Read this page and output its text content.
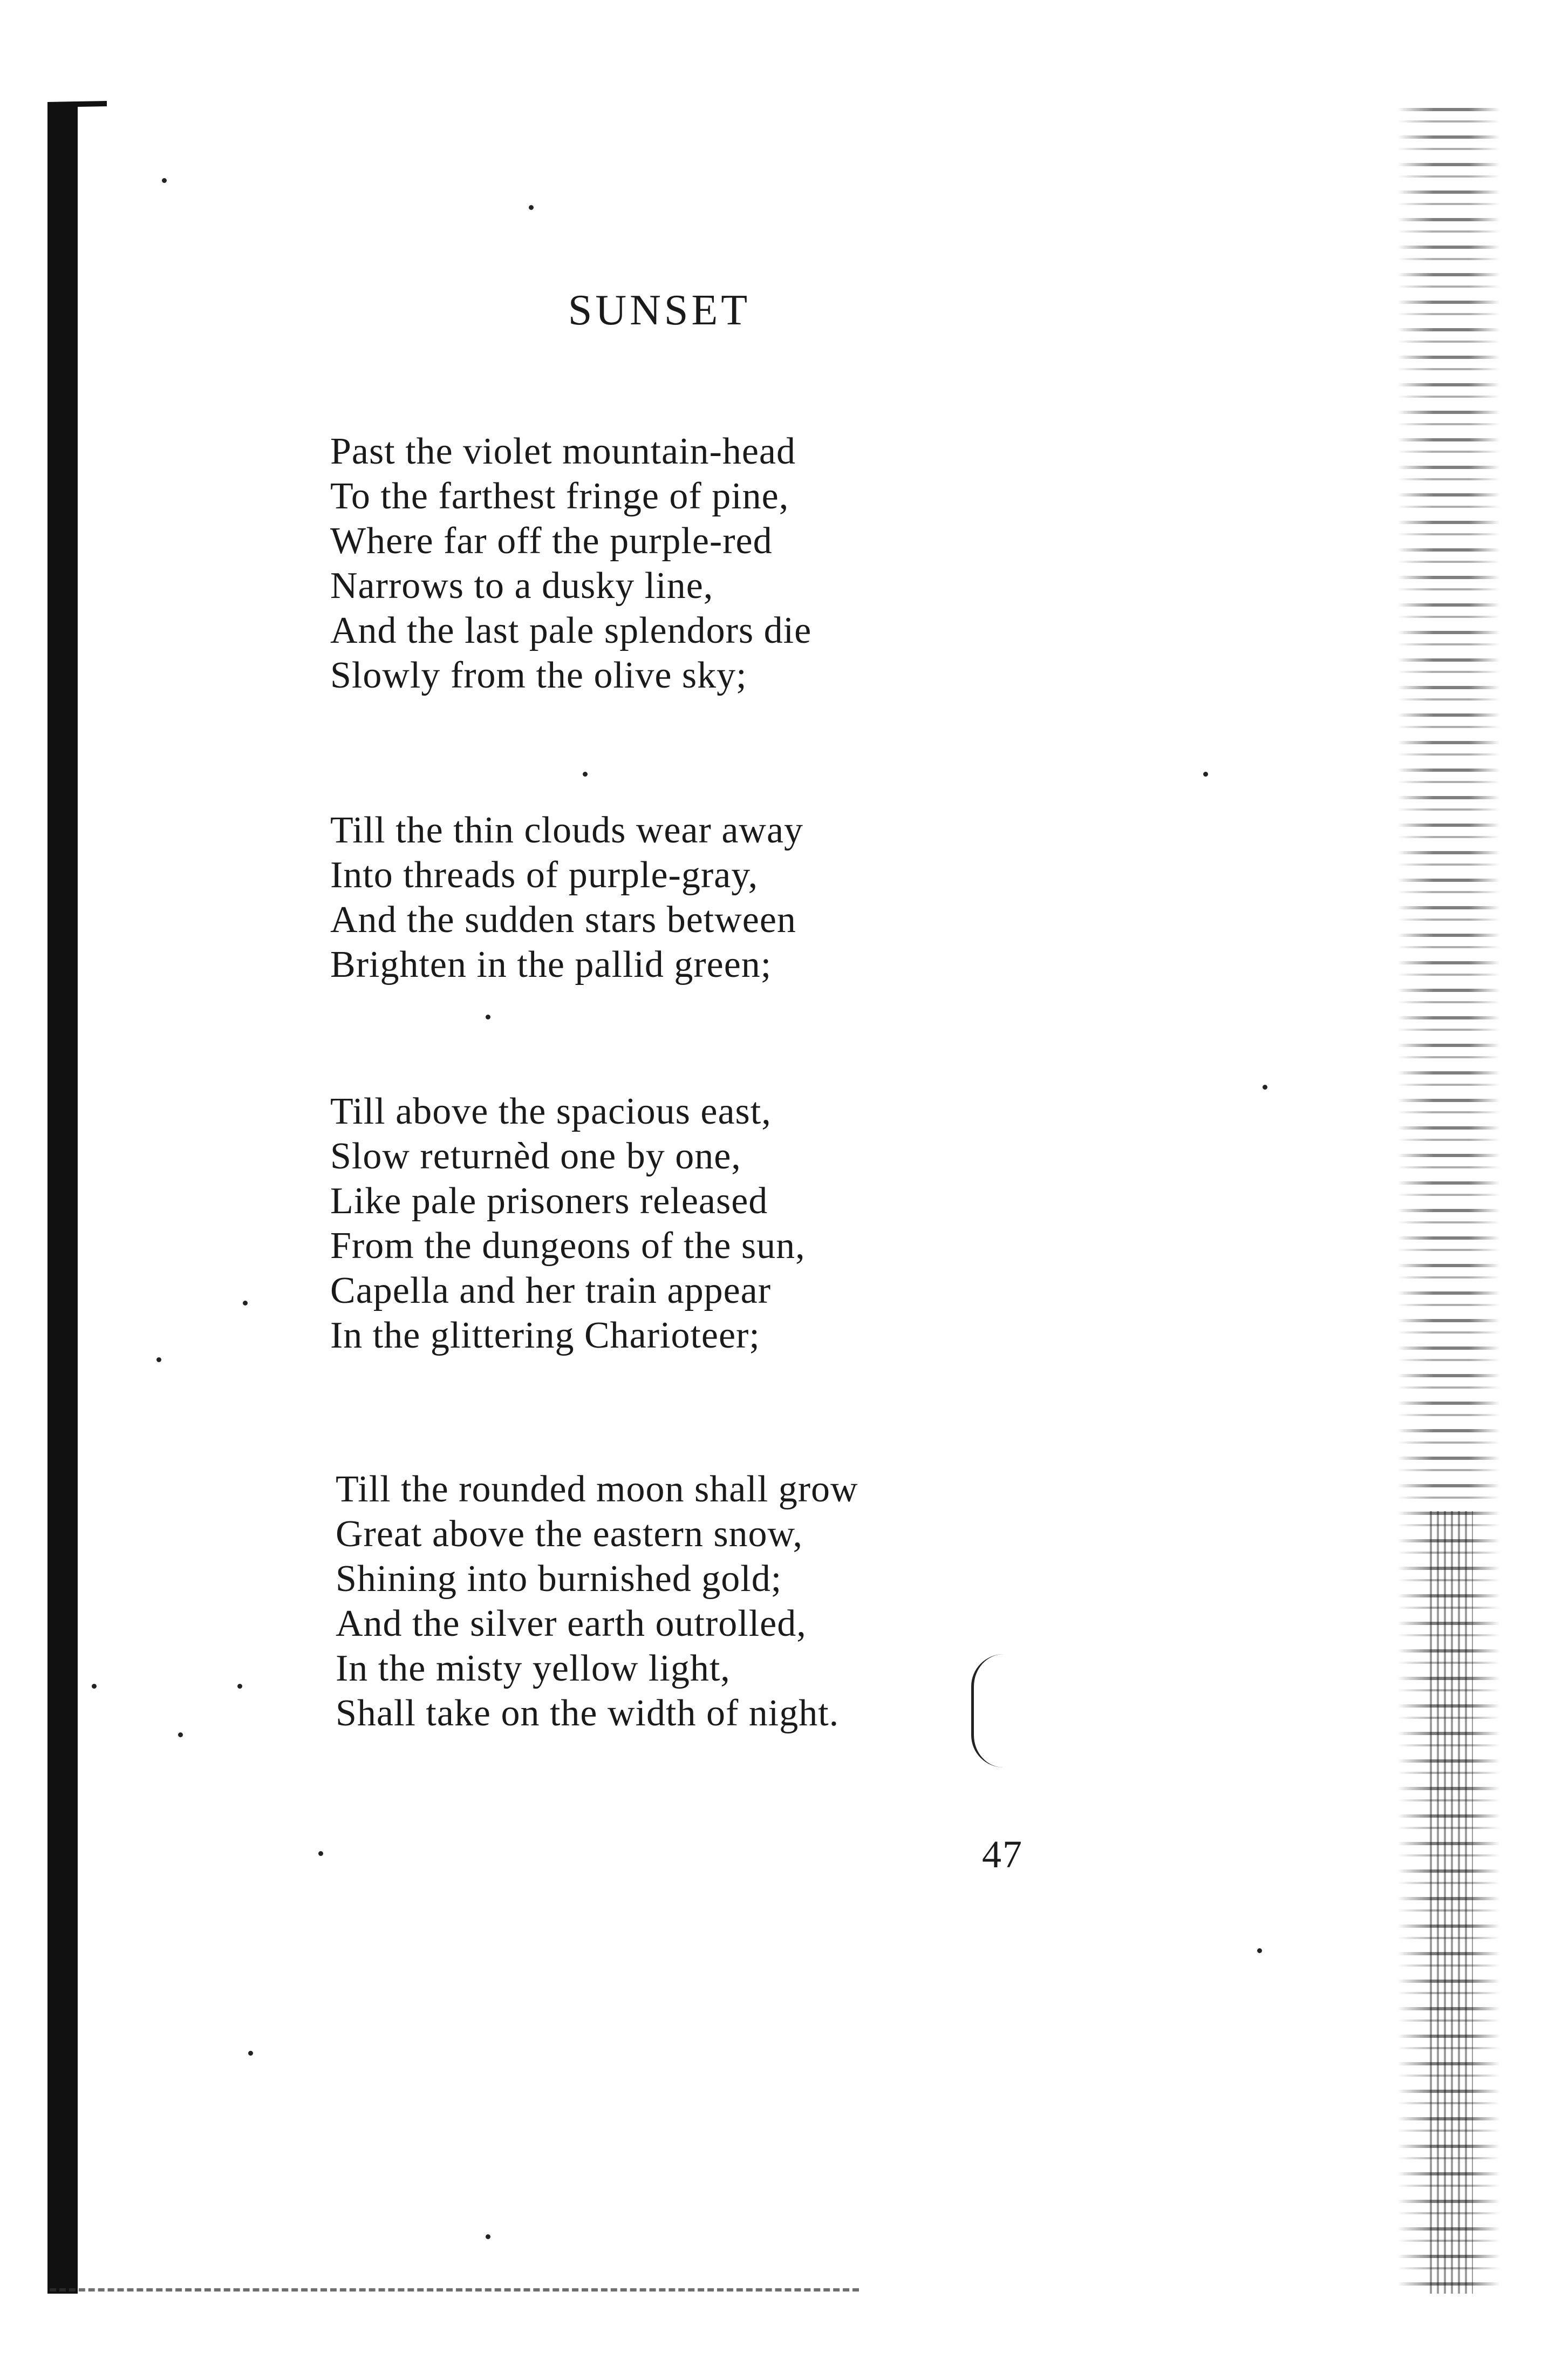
SUNSET
Past the violet mountain-head
To the farthest fringe of pine,
Where far off the purple-red
Narrows to a dusky line,
And the last pale splendors die
Slowly from the olive sky;
Till the thin clouds wear away
Into threads of purple-gray,
And the sudden stars between
Brighten in the pallid green;
Till above the spacious east,
Slow returnèd one by one,
Like pale prisoners released
From the dungeons of the sun,
Capella and her train appear
In the glittering Charioteer;
Till the rounded moon shall grow
Great above the eastern snow,
Shining into burnished gold;
And the silver earth outrolled,
In the misty yellow light,
Shall take on the width of night.
47
